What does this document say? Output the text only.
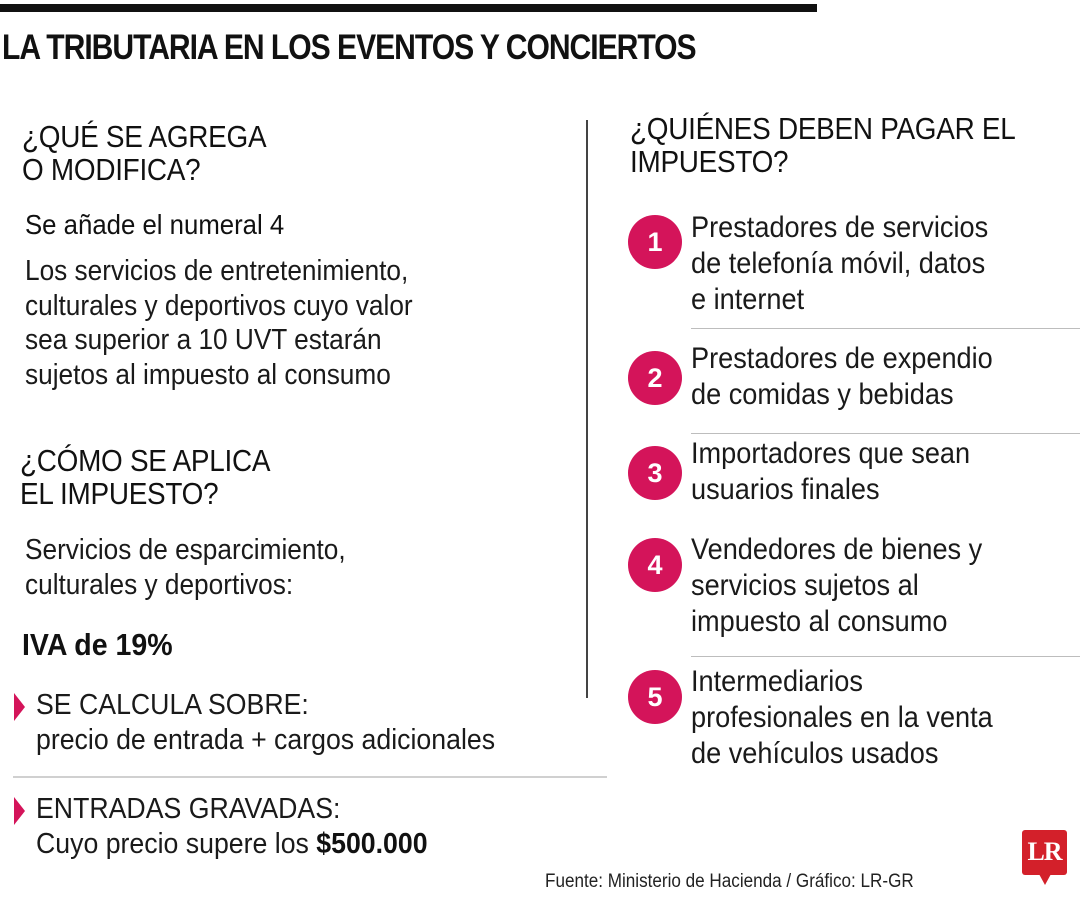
LA TRIBUTARIA EN LOS EVENTOS Y CONCIERTOS
¿QUÉ SE AGREGA
O MODIFICA?

Se añade el numeral 4

Los servicios de entretenimiento,
culturales y deportivos cuyo valor
sea superior a 10 UVT estarán
sujetos al impuesto al consumo

¿CÓMO SE APLICA
EL IMPUESTO?

Servicios de esparcimiento,
culturales y deportivos:

IVA de 19%

SE CALCULA SOBRE:
precio de entrada + cargos adicionales

ENTRADAS GRAVADAS:
Cuyo precio supere los $500.000

¿QUIÉNES DEBEN PAGAR EL
IMPUESTO?
1 Prestadores de servicios
de telefonía móvil, datos
e internet

2

Prestadores de expendio
de comidas y bebidas

3

Importadores que sean
usuarios finales

4 Vendedores de bienes y
servicios sujetos al
impuesto al consumo

5 Intermediarios
profesionales en la venta
de vehículos usados

Fuente: Ministerio de Hacienda / Gráfico: LR-GR

LR
